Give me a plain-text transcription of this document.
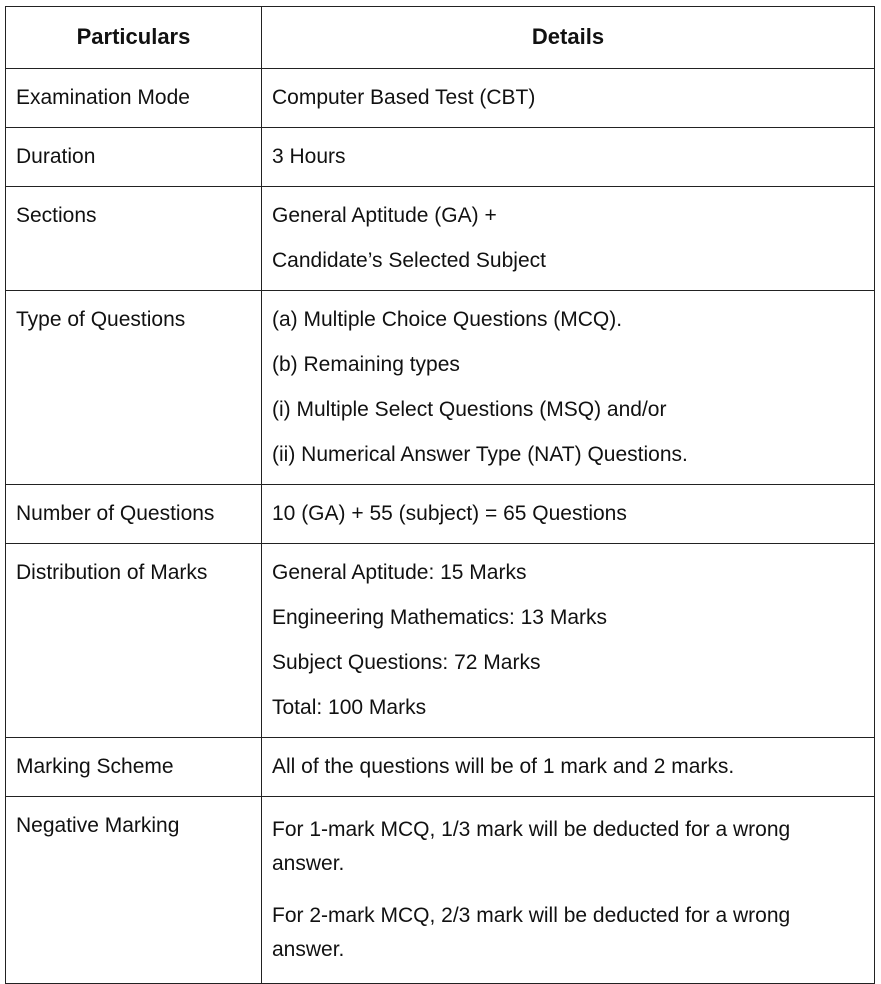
Particulars	Details
Examination Mode	Computer Based Test (CBT)

Duration	3 Hours

Sections	General Aptitude (GA) +
Candidate’s Selected Subject

Type of Questions	(a) Multiple Choice Questions (MCQ).
(b) Remaining types
(i) Multiple Select Questions (MSQ) and/or
(ii) Numerical Answer Type (NAT) Questions.

Number of Questions	10 (GA) + 55 (subject) = 65 Questions

Distribution of Marks	General Aptitude: 15 Marks
Engineering Mathematics: 13 Marks
Subject Questions: 72 Marks
Total: 100 Marks

Marking Scheme	All of the questions will be of 1 mark and 2 marks.

Negative Marking	For 1-mark MCQ, 1/3 mark will be deducted for a wrong answer.
For 2-mark MCQ, 2/3 mark will be deducted for a wrong answer.
